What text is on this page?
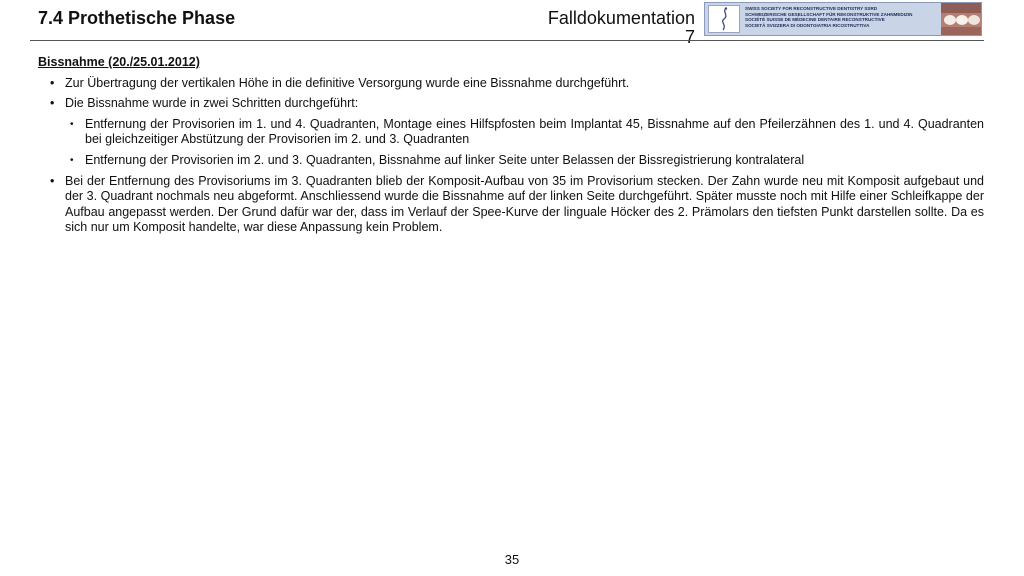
7.4 Prothetische Phase	Falldokumentation
7
SWISS SOCIETY FOR RECONSTRUCTIVE DENTISTRY SSRD
SCHWEIZERISCHE GESELLSCHAFT FÜR REKONSTRUKTIVE ZAHNMEDIZIN
SOCIÉTÉ SUISSE DE MÉDECINE DENTAIRE RECONSTRUCTIVE
SOCIETÀ SVIZZERA DI ODONTOIATRIA RICOSTRUTTIVA
Bissnahme (20./25.01.2012)
• Zur Übertragung der vertikalen Höhe in die definitive Versorgung wurde eine Bissnahme durchgeführt.
• Die Bissnahme wurde in zwei Schritten durchgeführt:
• Entfernung der Provisorien im 1. und 4. Quadranten, Montage eines Hilfspfosten beim Implantat 45, Bissnahme auf den Pfeilerzähnen des 1. und 4. Quadranten bei gleichzeitiger Abstützung der Provisorien im 2. und 3. Quadranten
• Entfernung der Provisorien im 2. und 3. Quadranten, Bissnahme auf linker Seite unter Belassen der Bissregistrierung kontralateral
• Bei der Entfernung des Provisoriums im 3. Quadranten blieb der Komposit-Aufbau von 35 im Provisorium stecken. Der Zahn wurde neu mit Komposit aufgebaut und der 3. Quadrant nochmals neu abgeformt. Anschliessend wurde die Bissnahme auf der linken Seite durchgeführt. Später musste noch mit Hilfe einer Schleifkappe der Aufbau angepasst werden. Der Grund dafür war der, dass im Verlauf der Spee-Kurve der linguale Höcker des 2. Prämolars den tiefsten Punkt darstellen sollte. Da es sich nur um Komposit handelte, war diese Anpassung kein Problem.
35
